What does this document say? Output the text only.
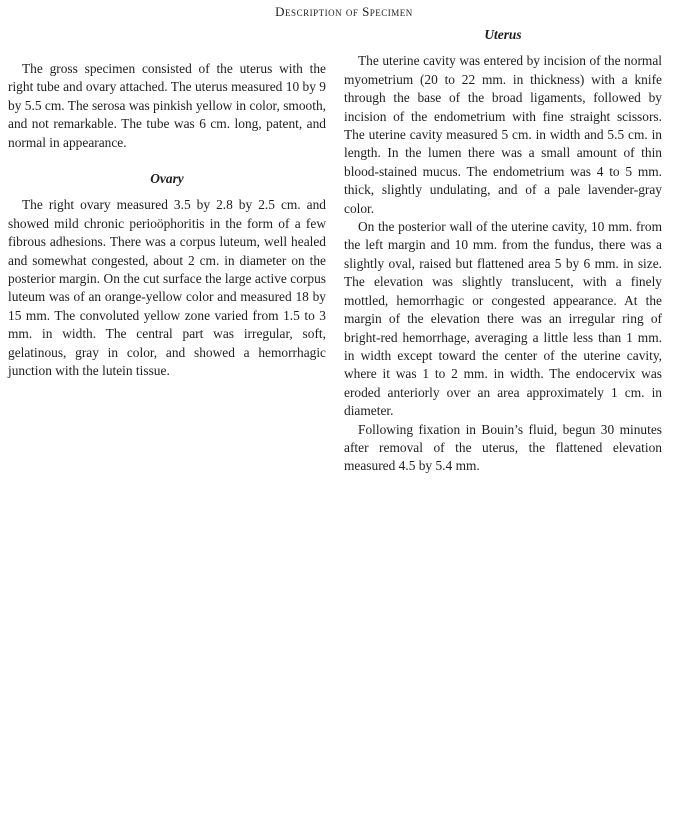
Description of Specimen

The gross specimen consisted of the uterus with the right tube and ovary attached. The uterus measured 10 by 9 by 5.5 cm. The serosa was pinkish yellow in color, smooth, and not remarkable. The tube was 6 cm. long, patent, and normal in appearance.

Ovary

The right ovary measured 3.5 by 2.8 by 2.5 cm. and showed mild chronic perioöphoritis in the form of a few fibrous adhesions. There was a corpus luteum, well healed and somewhat congested, about 2 cm. in diameter on the posterior margin. On the cut surface the large active corpus luteum was of an orange-yellow color and measured 18 by 15 mm. The convoluted yellow zone varied from 1.5 to 3 mm. in width. The central part was irregular, soft, gelatinous, gray in color, and showed a hemorrhagic junction with the lutein tissue.

Uterus

The uterine cavity was entered by incision of the normal myometrium (20 to 22 mm. in thickness) with a knife through the base of the broad ligaments, followed by incision of the endometrium with fine straight scissors. The uterine cavity measured 5 cm. in width and 5.5 cm. in length. In the lumen there was a small amount of thin blood-stained mucus. The endometrium was 4 to 5 mm. thick, slightly undulating, and of a pale lavender-gray color.

On the posterior wall of the uterine cavity, 10 mm. from the left margin and 10 mm. from the fundus, there was a slightly oval, raised but flattened area 5 by 6 mm. in size. The elevation was slightly translucent, with a finely mottled, hemorrhagic or congested appearance. At the margin of the elevation there was an irregular ring of bright-red hemorrhage, averaging a little less than 1 mm. in width except toward the center of the uterine cavity, where it was 1 to 2 mm. in width. The endocervix was eroded anteriorly over an area approximately 1 cm. in diameter.

Following fixation in Bouin’s fluid, begun 30 minutes after removal of the uterus, the flattened elevation measured 4.5 by 5.4 mm.
